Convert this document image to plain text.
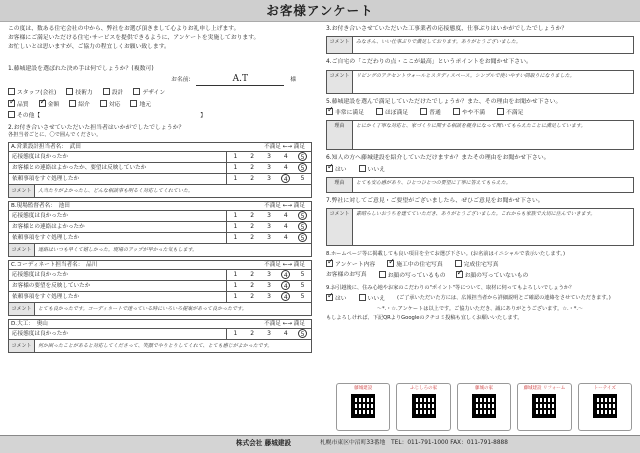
お客様アンケート

この度は、数ある住宅会社の中から、弊社をお選び頂きまして心よりお礼申し上げます。

お客様にご満足いただける住宅･サービスを提供できるように、アンケートを実施しております。

お忙しいとは思いますが、ご協力の程宜しくお願い致します。

1.藤城建設を選ばれた決め手は何でしょうか？(複数可)
お名前:	A.T	様
スタッフ(会社)	技術力	設計	デザイン
✓品質 ✓	金額	紹介	対応	地元
その他【	】
2.お付き合いさせていただいた担当者はいかがでしたでしょうか？
各担当者ごとに、〇で囲んでください。
A.営業設計担当者名：　 武田	不満足 ←→ 満足
応接態度は良かったか	1	2	3	4	5
お客様との連絡はよかったか、要望は反映していたか	1	2	3	4	5
依頼事項をすぐ処理したか	1	2	3	4	5
コメント	人当たりがよかったし、どんな相談事も明るく対応してくれていた。
B.現場監督者名：　 池田	不満足 ←→ 満足
応接態度は良かったか	1	2	3	4	5
お客様との連絡はよかったか	1	2	3	4	5
依頼事項をすぐ処理したか	1	2	3	4	5
コメント	連絡はいつも早くて嬉しかった。現場のアップが早かった気もします。
C.コーディネート担当者名：　 品川	不満足 ←→ 満足
応接態度は良かったか	1	2	3	4	5
お客様の要望を反映していたか	1	2	3	4	5
依頼事項をすぐ処理したか	1	2	3	4	5
コメント	とても良かったです。コーディネートで迷っている時にいろいろ提案があって良かったです。
D.大工：　 奥山	不満足 ←→ 満足
応接態度は良かったか	1	2	3	4	5
コメント	何か困ったことがあると対応してくださって、笑顔でやりとりしてくれて、とても感じがよかったです。
3.お付き合いさせていただいた工事業者の応接態度、仕事ぶりはいかがでしたでしょうか？
コメント	みなさん、いい仕事ぶりで満足しております。ありがとうございました。
4.ご自宅の「こだわりの点・ここが最高」というポイントをお聞かせ下さい。
コメント	リビングのアクセントウォールとスタディスペース。シンプルで使いやすい間取りになりました。
5.藤城建設を選んで満足していただけたでしょうか？また、その理由をお聞かせ下さい。
✓非常に満足	ほぼ満足	普通	やや不満	不満足
理由	とにかく丁寧な対応と、家づくりに関する相談を親身になって聞いてもらえたことに満足しています。
6.知人の方へ藤城建設を紹介していただけますか？またその理由をお聞かせ下さい。
✓はい	いいえ
理由	とても安心感があり、ひとつひとつの要望に丁寧に答えてもらえた。
7.弊社に対してご意見・ご要望がございましたら、ぜひご意見をお聞かせ下さい。
コメント	素晴らしいおうちを建てていただき、ありがとうございました。これからも家族で大切に住んでいきます。
8.ホームページ等に掲載しても良い項目を全てお選び下さい。(お名前はイニシャルで表示いたします。)
✓アンケート内容 ✓	施工中の住宅写真	完成住宅写真
お客様のお写真	お顔の写っているもの ✓	お顔の写っていないもの
9.お引越後に、住み心地やお家のこだわりの"ポイント"等について、取材に伺ってもよろしいでしょうか？
✓はい	いいえ (ご了承いただいた方には、広報担当者から詳細説明とご確認の連絡をさせていただきます。)
～*.・☆.アンケートは以上です。ご協力いただき、誠にありがとうございます。☆.・*.～
もしよろしければ、下記QRよりGoogleのクチコミ投稿も宜しくお願いいたします。
藤城建設	ふじしろの家	藤城の家	藤城建設 リフォーム	トーテイズ
株式会社 藤城建設	札幌市東区中沼町33番地　TEL：011-791-1000 FAX：011-791-8888
